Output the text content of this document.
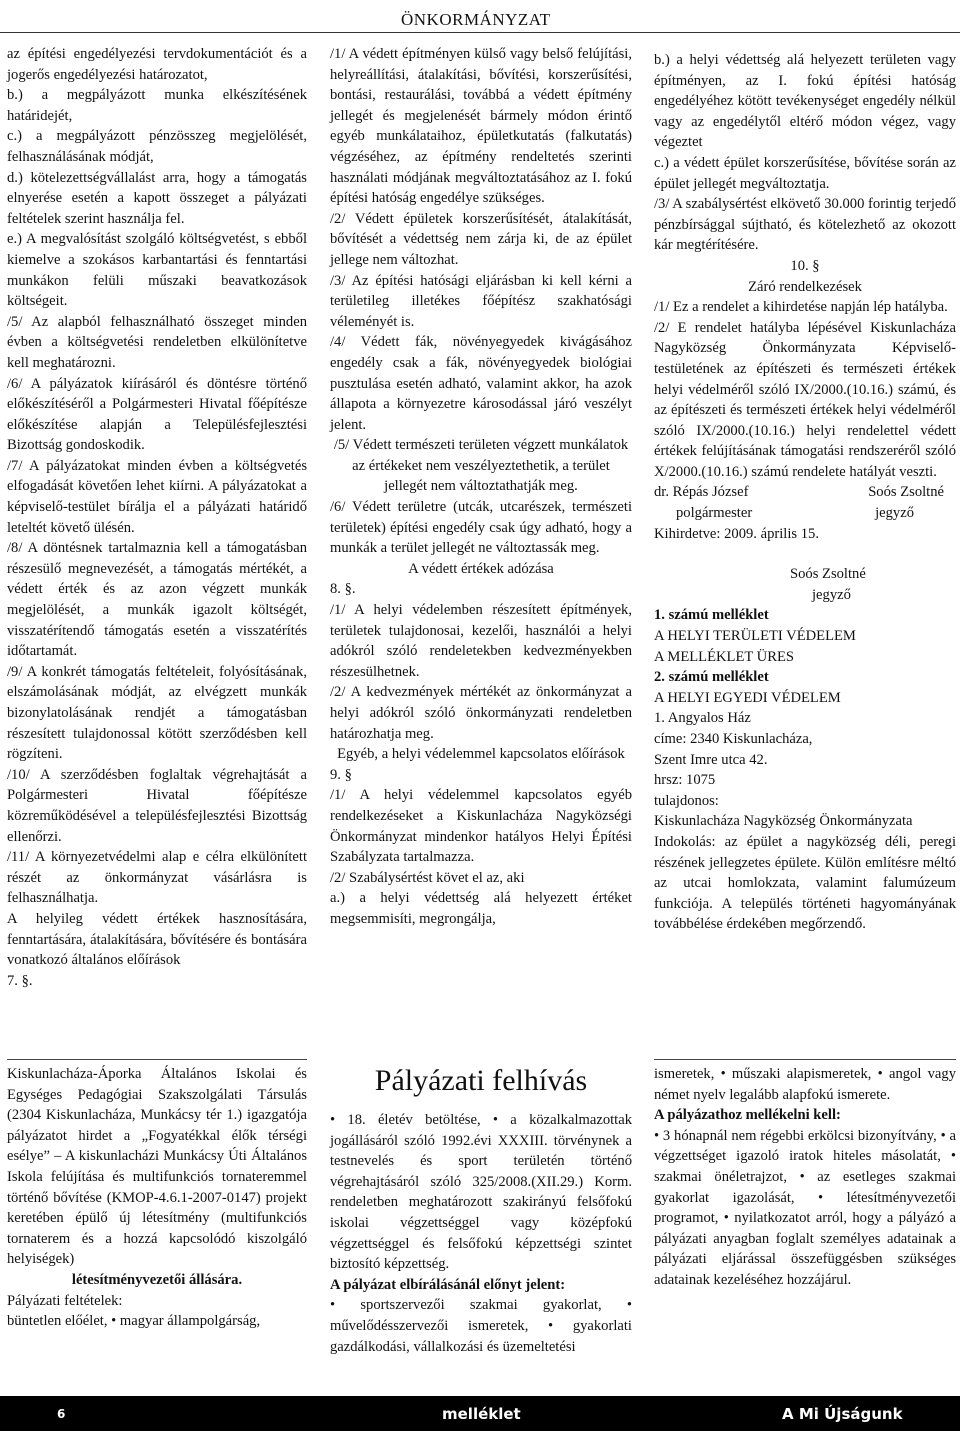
ÖNKORMÁNYZAT

az építési engedélyezési tervdokumentációt és a jogerős engedélyezési határozatot,

b.) a megpályázott munka elkészítésének határidejét,

c.) a megpályázott pénzösszeg megjelölését, felhasználásának módját,

d.) kötelezettségvállalást arra, hogy a támogatás elnyerése esetén a kapott összeget a pályázati feltételek szerint használja fel.

e.) A megvalósítást szolgáló költségvetést, s ebből kiemelve a szokásos karbantartási és fenntartási munkákon felüli műszaki beavatkozások költségeit.

/5/ Az alapból felhasználható összeget minden évben a költségvetési rendeletben elkülönítetve kell meghatározni.

/6/ A pályázatok kiírásáról és döntésre történő előkészítéséről a Polgármesteri Hivatal főépítésze előkészítése alapján a Településfejlesztési Bizottság gondoskodik.

/7/ A pályázatokat minden évben a költségvetés elfogadását követően lehet kiírni. A pályázatokat a képviselő-testület bírálja el a pályázati határidő leteltét követő ülésén.

/8/ A döntésnek tartalmaznia kell a támogatásban részesülő megnevezését, a támogatás mértékét, a védett érték és az azon végzett munkák megjelölését, a munkák igazolt költségét, visszatérítendő támogatás esetén a visszatérítés időtartamát.

/9/ A konkrét támogatás feltételeit, folyósításának, elszámolásának módját, az elvégzett munkák bizonylatolásának rendjét a támogatásban részesített tulajdonossal kötött szerződésben kell rögzíteni.

/10/ A szerződésben foglaltak végrehajtását a Polgármesteri Hivatal főépítésze közreműködésével a településfejlesztési Bizottság ellenőrzi.

/11/ A környezetvédelmi alap e célra elkülönített részét az önkormányzat vásárlásra is felhasználhatja.

A helyileg védett értékek hasznosítására, fenntartására, átalakítására, bővítésére és bontására vonatkozó általános előírások

7. §.

/1/ A védett építményen külső vagy belső felújítási, helyreállítási, átalakítási, bővítési, korszerűsítési, bontási, restaurálási, továbbá a védett építmény jellegét és megjelenését bármely módon érintő egyéb munkálataihoz, épületkutatás (falkutatás) végzéséhez, az építmény rendeltetés szerinti használati módjának megváltoztatásához az I. fokú építési hatóság engedélye szükséges.

/2/ Védett épületek korszerűsítését, átalakítását, bővítését a védettség nem zárja ki, de az épület jellege nem változhat.

/3/ Az építési hatósági eljárásban ki kell kérni a területileg illetékes főépítész szakhatósági véleményét is.

/4/ Védett fák, növényegyedek kivágásához engedély csak a fák, növényegyedek biológiai pusztulása esetén adható, valamint akkor, ha azok állapota a környezetre károsodással járó veszélyt jelent.

/5/ Védett természeti területen végzett munkálatok az értékeket nem veszélyeztethetik, a terület jellegét nem változtathatják meg.

/6/ Védett területre (utcák, utcarészek, természeti területek) építési engedély csak úgy adható, hogy a munkák a terület jellegét ne változtassák meg.

A védett értékek adózása

8. §.

/1/ A helyi védelemben részesített építmények, területek tulajdonosai, kezelői, használói a helyi adókról szóló rendeletekben kedvezményekben részesülhetnek.

/2/ A kedvezmények mértékét az önkormányzat a helyi adókról szóló önkormányzati rendeletben határozhatja meg.

Egyéb, a helyi védelemmel kapcsolatos előírások

9. §

/1/ A helyi védelemmel kapcsolatos egyéb rendelkezéseket a Kiskunlacháza Nagyközségi Önkormányzat mindenkor hatályos Helyi Építési Szabályzata tartalmazza.

/2/ Szabálysértést követ el az, aki

a.) a helyi védettség alá helyezett értéket megsemmisíti, megrongálja,

b.) a helyi védettség alá helyezett területen vagy építményen, az I. fokú építési hatóság engedélyéhez kötött tevékenységet engedély nélkül vagy az engedélytől eltérő módon végez, vagy végeztet

c.) a védett épület korszerűsítése, bővítése során az épület jellegét megváltoztatja.

/3/ A szabálysértést elkövető 30.000 forintig terjedő pénzbírsággal sújtható, és kötelezhető az okozott kár megtérítésére.

10. §

Záró rendelkezések

/1/ Ez a rendelet a kihirdetése napján lép hatályba.

/2/ E rendelet hatályba lépésével Kiskunlacháza Nagyközség Önkormányzata Képviselő-testületének az építészeti és természeti értékek helyi védelméről szóló IX/2000.(10.16.) számú, és az építészeti és természeti értékek helyi védelméről szóló IX/2000.(10.16.) helyi rendelettel védett értékek felújításának támogatási rendszeréről szóló X/2000.(10.16.) számú rendelete hatályát veszti.

dr. Répás József	Soós Zsoltné
polgármester	jegyző

Kihirdetve: 2009. április 15.

Soós Zsoltné

jegyző

1. számú melléklet

A HELYI TERÜLETI VÉDELEM

A MELLÉKLET ÜRES

2. számú melléklet

A HELYI EGYEDI VÉDELEM

1. Angyalos Ház

címe: 2340 Kiskunlacháza,

Szent Imre utca 42.

hrsz: 1075

tulajdonos:

Kiskunlacháza Nagyközség Önkormányzata

Indokolás: az épület a nagyközség déli, peregi részének jellegzetes épülete. Külön említésre méltó az utcai homlokzata, valamint falumúzeum funkciója. A település történeti hagyományának továbbélése érdekében megőrzendő.

Kiskunlacháza-Áporka Általános Iskolai és Egységes Pedagógiai Szakszolgálati Társulás (2304 Kiskunlacháza, Munkácsy tér 1.) igazgatója pályázatot hirdet a „Fogyatékkal élők térségi esélye” – A kiskunlacházi Munkácsy Úti Általános Iskola felújítása és multifunkciós tornateremmel történő bővítése (KMOP-4.6.1-2007-0147) projekt keretében épülő új létesítmény (multifunkciós tornaterem és a hozzá kapcsolódó kiszolgáló helyiségek)

létesítményvezetői állására.

Pályázati feltételek:

büntetlen előélet, • magyar állampolgárság,

Pályázati felhívás

• 18. életév betöltése, • a közalkalmazottak jogállásáról szóló 1992.évi XXXIII. törvénynek a testnevelés és sport területén történő végrehajtásáról szóló 325/2008.(XII.29.) Korm. rendeletben meghatározott szakirányú felsőfokú iskolai végzettséggel vagy középfokú végzettséggel és felsőfokú képzettségi szintet biztosító képzettség.

A pályázat elbírálásánál előnyt jelent:

• sportszervezői szakmai gyakorlat, • művelődésszervezői ismeretek, • gyakorlati gazdálkodási, vállalkozási és üzemeltetési

ismeretek, • műszaki alapismeretek, • angol vagy német nyelv legalább alapfokú ismerete.

A pályázathoz mellékelni kell:

• 3 hónapnál nem régebbi erkölcsi bizonyítvány, • a végzettséget igazoló iratok hiteles másolatát, • szakmai önéletrajzot, • az esetleges szakmai gyakorlat igazolását, • létesítményvezetői programot, • nyilatkozatot arról, hogy a pályázó a pályázati anyagban foglalt személyes adatainak a pályázati eljárással összefüggésben szükséges adatainak kezeléséhez hozzájárul.

6	melléklet	A Mi Újságunk
